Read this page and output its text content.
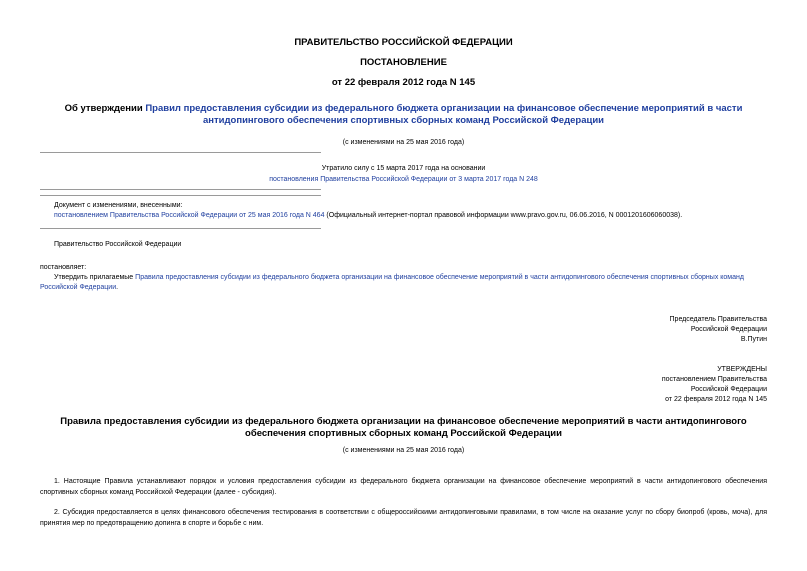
ПРАВИТЕЛЬСТВО РОССИЙСКОЙ ФЕДЕРАЦИИ
ПОСТАНОВЛЕНИЕ
от 22 февраля 2012 года N 145
Об утверждении Правил предоставления субсидии из федерального бюджета организации на финансовое обеспечение мероприятий в части антидопингового обеспечения спортивных сборных команд Российской Федерации
(с изменениями на 25 мая 2016 года)
Утратило силу с 15 марта 2017 года на основании
постановления Правительства Российской Федерации от 3 марта 2017 года N 248
Документ с изменениями, внесенными:
постановлением Правительства Российской Федерации от 25 мая 2016 года N 464 (Официальный интернет-портал правовой информации www.pravo.gov.ru, 06.06.2016, N 0001201606060038).
Правительство Российской Федерации
постановляет:
Утвердить прилагаемые Правила предоставления субсидии из федерального бюджета организации на финансовое обеспечение мероприятий в части антидопингового обеспечения спортивных сборных команд Российской Федерации.
Председатель Правительства
Российской Федерации
В.Путин
УТВЕРЖДЕНЫ
постановлением Правительства
Российской Федерации
от 22 февраля 2012 года N 145
Правила предоставления субсидии из федерального бюджета организации на финансовое обеспечение мероприятий в части антидопингового обеспечения спортивных сборных команд Российской Федерации
(с изменениями на 25 мая 2016 года)
1. Настоящие Правила устанавливают порядок и условия предоставления субсидии из федерального бюджета организации на финансовое обеспечение мероприятий в части антидопингового обеспечения спортивных сборных команд Российской Федерации (далее - субсидия).
2. Субсидия предоставляется в целях финансового обеспечения тестирования в соответствии с общероссийскими антидопинговыми правилами, в том числе на оказание услуг по сбору биопроб (кровь, моча), для принятия мер по предотвращению допинга в спорте и борьбе с ним.
